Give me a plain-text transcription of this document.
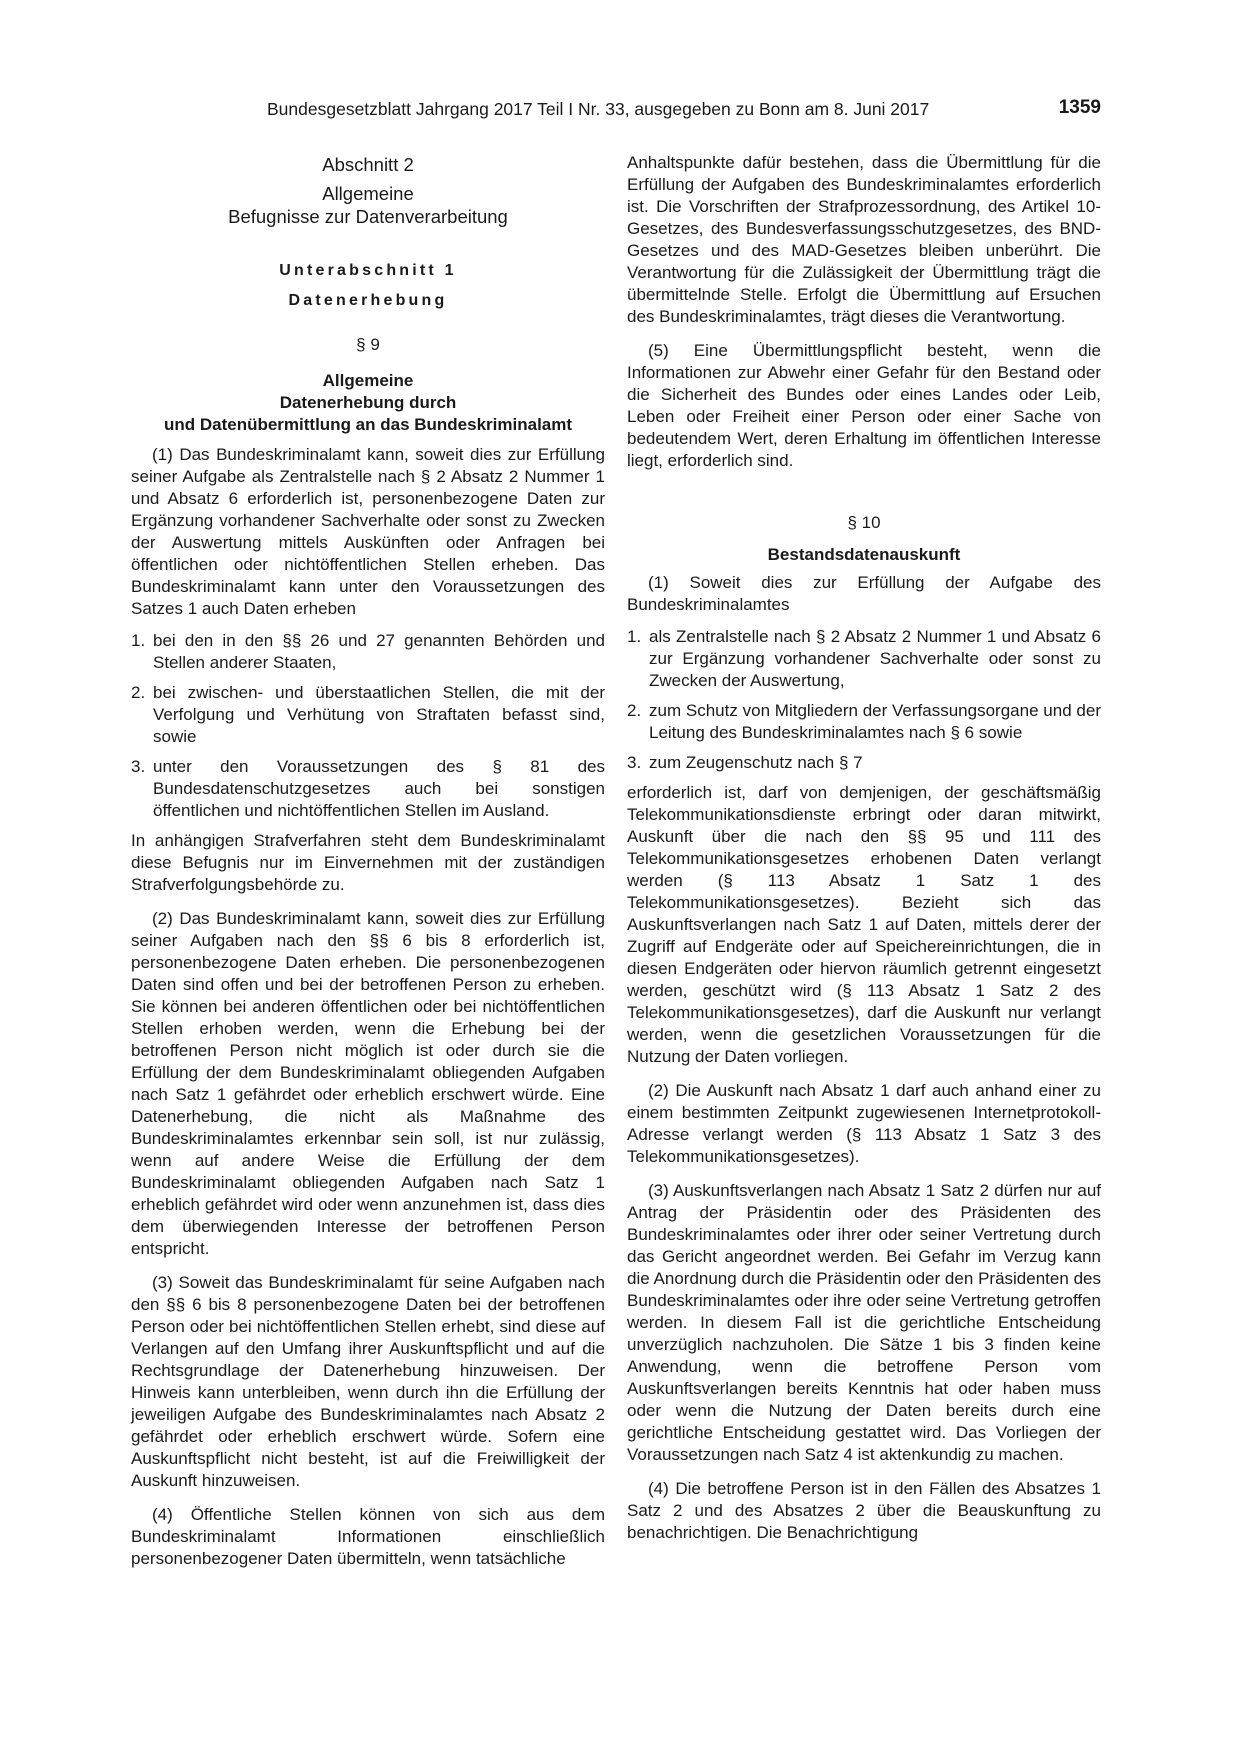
Bundesgesetzblatt Jahrgang 2017 Teil I Nr. 33, ausgegeben zu Bonn am 8. Juni 2017	1359
Abschnitt 2
Allgemeine
Befugnisse zur Datenverarbeitung
Unterabschnitt 1
Datenerhebung
§ 9
Allgemeine
Datenerhebung durch
und Datenübermittlung an das Bundeskriminalamt

(1) Das Bundeskriminalamt kann, soweit dies zur Erfüllung seiner Aufgabe als Zentralstelle nach § 2 Absatz 2 Nummer 1 und Absatz 6 erforderlich ist, personenbezogene Daten zur Ergänzung vorhandener Sachverhalte oder sonst zu Zwecken der Auswertung mittels Auskünften oder Anfragen bei öffentlichen oder nichtöffentlichen Stellen erheben. Das Bundeskriminalamt kann unter den Voraussetzungen des Satzes 1 auch Daten erheben

1. bei den in den §§ 26 und 27 genannten Behörden und Stellen anderer Staaten,
2. bei zwischen- und überstaatlichen Stellen, die mit der Verfolgung und Verhütung von Straftaten befasst sind, sowie
3. unter den Voraussetzungen des § 81 des Bundesdatenschutzgesetzes auch bei sonstigen öffentlichen und nichtöffentlichen Stellen im Ausland.

In anhängigen Strafverfahren steht dem Bundeskriminalamt diese Befugnis nur im Einvernehmen mit der zuständigen Strafverfolgungsbehörde zu.

(2) Das Bundeskriminalamt kann, soweit dies zur Erfüllung seiner Aufgaben nach den §§ 6 bis 8 erforderlich ist, personenbezogene Daten erheben. Die personenbezogenen Daten sind offen und bei der betroffenen Person zu erheben. Sie können bei anderen öffentlichen oder bei nichtöffentlichen Stellen erhoben werden, wenn die Erhebung bei der betroffenen Person nicht möglich ist oder durch sie die Erfüllung der dem Bundeskriminalamt obliegenden Aufgaben nach Satz 1 gefährdet oder erheblich erschwert würde. Eine Datenerhebung, die nicht als Maßnahme des Bundeskriminalamtes erkennbar sein soll, ist nur zulässig, wenn auf andere Weise die Erfüllung der dem Bundeskriminalamt obliegenden Aufgaben nach Satz 1 erheblich gefährdet wird oder wenn anzunehmen ist, dass dies dem überwiegenden Interesse der betroffenen Person entspricht.

(3) Soweit das Bundeskriminalamt für seine Aufgaben nach den §§ 6 bis 8 personenbezogene Daten bei der betroffenen Person oder bei nichtöffentlichen Stellen erhebt, sind diese auf Verlangen auf den Umfang ihrer Auskunftspflicht und auf die Rechtsgrundlage der Datenerhebung hinzuweisen. Der Hinweis kann unterbleiben, wenn durch ihn die Erfüllung der jeweiligen Aufgabe des Bundeskriminalamtes nach Absatz 2 gefährdet oder erheblich erschwert würde. Sofern eine Auskunftspflicht nicht besteht, ist auf die Freiwilligkeit der Auskunft hinzuweisen.

(4) Öffentliche Stellen können von sich aus dem Bundeskriminalamt Informationen einschließlich personenbezogener Daten übermitteln, wenn tatsächliche

Anhaltspunkte dafür bestehen, dass die Übermittlung für die Erfüllung der Aufgaben des Bundeskriminalamtes erforderlich ist. Die Vorschriften der Strafprozessordnung, des Artikel 10-Gesetzes, des Bundesverfassungsschutzgesetzes, des BND-Gesetzes und des MAD-Gesetzes bleiben unberührt. Die Verantwortung für die Zulässigkeit der Übermittlung trägt die übermittelnde Stelle. Erfolgt die Übermittlung auf Ersuchen des Bundeskriminalamtes, trägt dieses die Verantwortung.

(5) Eine Übermittlungspflicht besteht, wenn die Informationen zur Abwehr einer Gefahr für den Bestand oder die Sicherheit des Bundes oder eines Landes oder Leib, Leben oder Freiheit einer Person oder einer Sache von bedeutendem Wert, deren Erhaltung im öffentlichen Interesse liegt, erforderlich sind.

§ 10
Bestandsdatenauskunft

(1) Soweit dies zur Erfüllung der Aufgabe des Bundeskriminalamtes

1. als Zentralstelle nach § 2 Absatz 2 Nummer 1 und Absatz 6 zur Ergänzung vorhandener Sachverhalte oder sonst zu Zwecken der Auswertung,
2. zum Schutz von Mitgliedern der Verfassungsorgane und der Leitung des Bundeskriminalamtes nach § 6 sowie
3. zum Zeugenschutz nach § 7

erforderlich ist, darf von demjenigen, der geschäftsmäßig Telekommunikationsdienste erbringt oder daran mitwirkt, Auskunft über die nach den §§ 95 und 111 des Telekommunikationsgesetzes erhobenen Daten verlangt werden (§ 113 Absatz 1 Satz 1 des Telekommunikationsgesetzes). Bezieht sich das Auskunftsverlangen nach Satz 1 auf Daten, mittels derer der Zugriff auf Endgeräte oder auf Speichereinrichtungen, die in diesen Endgeräten oder hiervon räumlich getrennt eingesetzt werden, geschützt wird (§ 113 Absatz 1 Satz 2 des Telekommunikationsgesetzes), darf die Auskunft nur verlangt werden, wenn die gesetzlichen Voraussetzungen für die Nutzung der Daten vorliegen.

(2) Die Auskunft nach Absatz 1 darf auch anhand einer zu einem bestimmten Zeitpunkt zugewiesenen Internetprotokoll-Adresse verlangt werden (§ 113 Absatz 1 Satz 3 des Telekommunikationsgesetzes).

(3) Auskunftsverlangen nach Absatz 1 Satz 2 dürfen nur auf Antrag der Präsidentin oder des Präsidenten des Bundeskriminalamtes oder ihrer oder seiner Vertretung durch das Gericht angeordnet werden. Bei Gefahr im Verzug kann die Anordnung durch die Präsidentin oder den Präsidenten des Bundeskriminalamtes oder ihre oder seine Vertretung getroffen werden. In diesem Fall ist die gerichtliche Entscheidung unverzüglich nachzuholen. Die Sätze 1 bis 3 finden keine Anwendung, wenn die betroffene Person vom Auskunftsverlangen bereits Kenntnis hat oder haben muss oder wenn die Nutzung der Daten bereits durch eine gerichtliche Entscheidung gestattet wird. Das Vorliegen der Voraussetzungen nach Satz 4 ist aktenkundig zu machen.

(4) Die betroffene Person ist in den Fällen des Absatzes 1 Satz 2 und des Absatzes 2 über die Beauskunftung zu benachrichtigen. Die Benachrichtigung
